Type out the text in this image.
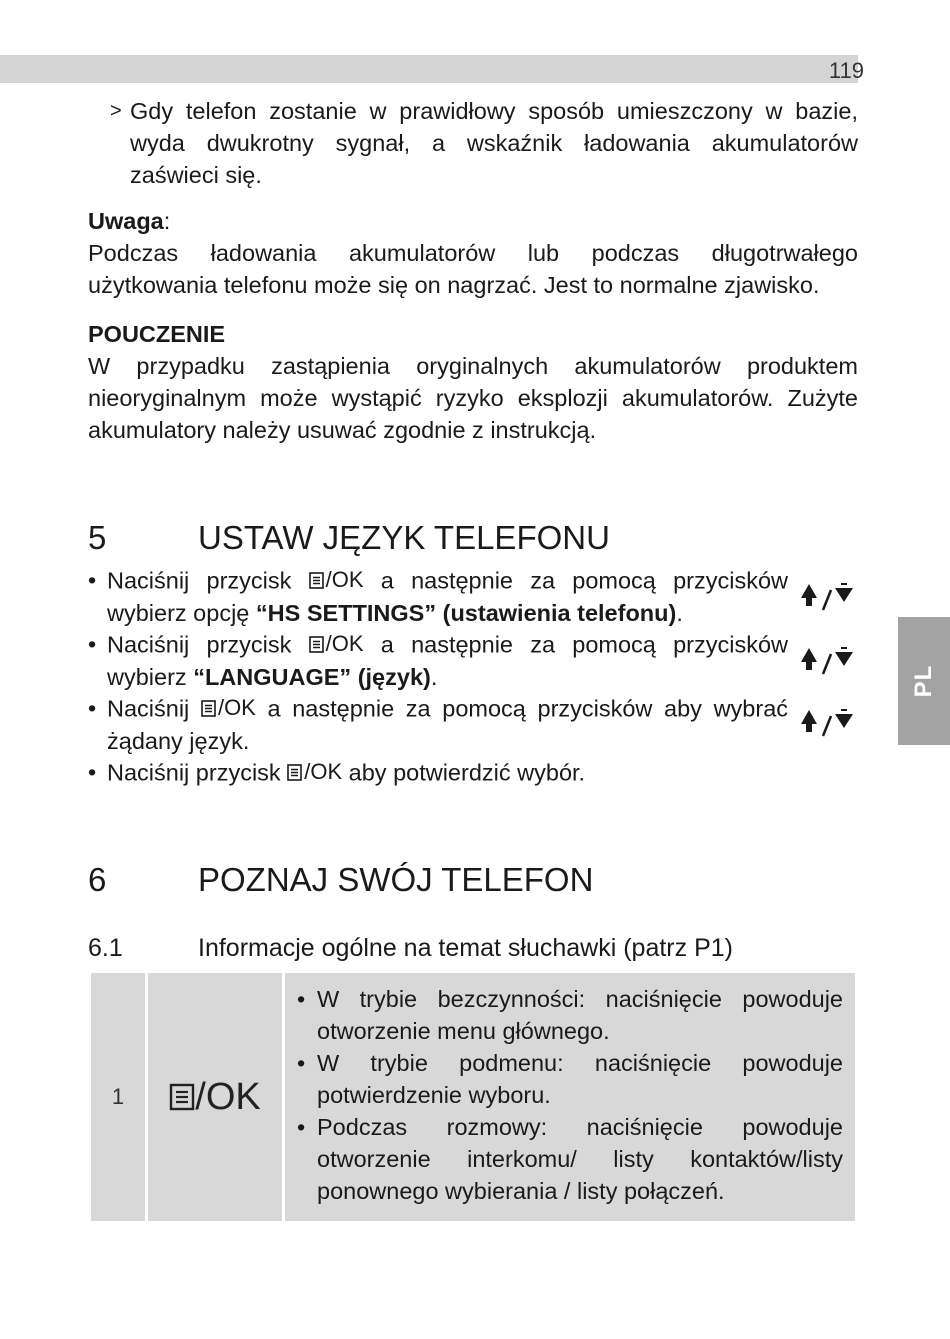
119
> Gdy telefon zostanie w prawidłowy sposób umieszczony w bazie, wyda dwukrotny sygnał, a wskaźnik ładowania akumulatorów zaświeci się.
Uwaga:
Podczas ładowania akumulatorów lub podczas długotrwałego użytkowania telefonu może się on nagrzać. Jest to normalne zjawisko.
POUCZENIE
W przypadku zastąpienia oryginalnych akumulatorów produktem nieoryginalnym może wystąpić ryzyko eksplozji akumulatorów. Zużyte akumulatory należy usuwać zgodnie z instrukcją.
5	USTAW JĘZYK TELEFONU
• Naciśnij przycisk / OK a następnie za pomocą przycisków wybierz opcję “HS SETTINGS” (ustawienia telefonu).
• Naciśnij przycisk / OK a następnie za pomocą przycisków wybierz “LANGUAGE” (język).
• Naciśnij / OK a następnie za pomocą przycisków aby wybrać żądany język.
• Naciśnij przycisk / OK aby potwierdzić wybór.
6	POZNAJ SWÓJ TELEFON
6.1	Informacje ogólne na temat słuchawki (patrz P1)
1	/ OK

• W trybie bezczynności: naciśnięcie powoduje otworzenie menu głównego.
• W trybie podmenu: naciśnięcie powoduje potwierdzenie wyboru.
• Podczas rozmowy: naciśnięcie powoduje otworzenie interkomu/ listy kontaktów/listy ponownego wybierania / listy połączeń.
PL
